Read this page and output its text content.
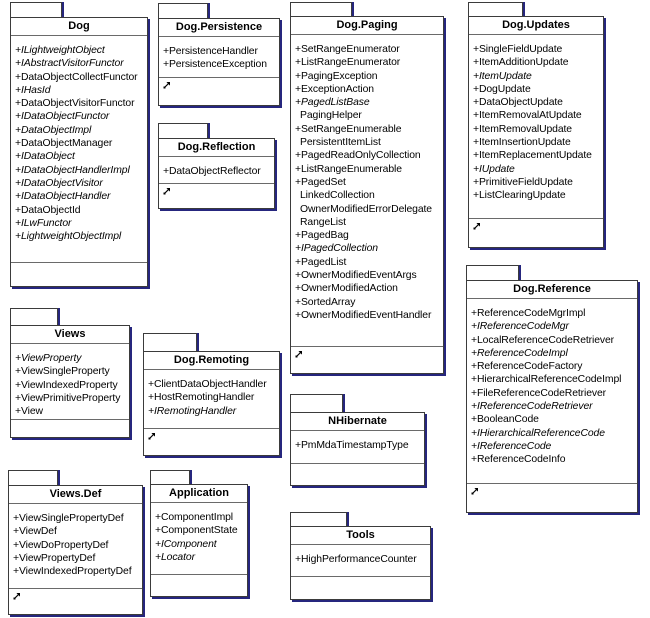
Dog
+ILightweightObject
+IAbstractVisitorFunctor
+DataObjectCollectFunctor
+IHasId
+DataObjectVisitorFunctor
+IDataObjectFunctor
+DataObjectImpl
+DataObjectManager
+IDataObject
+IDataObjectHandlerImpl
+IDataObjectVisitor
+IDataObjectHandler
+DataObjectId
+ILwFunctor
+LightweightObjectImpl
Dog.Persistence
+PersistenceHandler
+PersistenceException
Dog.Reflection
+DataObjectReflector
Dog.Paging
+SetRangeEnumerator
+ListRangeEnumerator
+PagingException
+ExceptionAction
+PagedListBase
PagingHelper
+SetRangeEnumerable
PersistentItemList
+PagedReadOnlyCollection
+ListRangeEnumerable
+PagedSet
LinkedCollection
OwnerModifiedErrorDelegate
RangeList
+PagedBag
+IPagedCollection
+PagedList
+OwnerModifiedEventArgs
+OwnerModifiedAction
+SortedArray
+OwnerModifiedEventHandler
Dog.Updates
+SingleFieldUpdate
+ItemAdditionUpdate
+ItemUpdate
+DogUpdate
+DataObjectUpdate
+ItemRemovalAtUpdate
+ItemRemovalUpdate
+ItemInsertionUpdate
+ItemReplacementUpdate
+IUpdate
+PrimitiveFieldUpdate
+ListClearingUpdate
Dog.Reference
+ReferenceCodeMgrImpl
+IReferenceCodeMgr
+LocalReferenceCodeRetriever
+ReferenceCodeImpl
+ReferenceCodeFactory
+HierarchicalReferenceCodeImpl
+FileReferenceCodeRetriever
+IReferenceCodeRetriever
+BooleanCode
+IHierarchicalReferenceCode
+IReferenceCode
+ReferenceCodeInfo
Views
+ViewProperty
+ViewSingleProperty
+ViewIndexedProperty
+ViewPrimitiveProperty
+View
Dog.Remoting
+ClientDataObjectHandler
+HostRemotingHandler
+IRemotingHandler
NHibernate
+PmMdaTimestampType
Views.Def
+ViewSinglePropertyDef
+ViewDef
+ViewDoPropertyDef
+ViewPropertyDef
+ViewIndexedPropertyDef
Application
+ComponentImpl
+ComponentState
+IComponent
+Locator
Tools
+HighPerformanceCounter
